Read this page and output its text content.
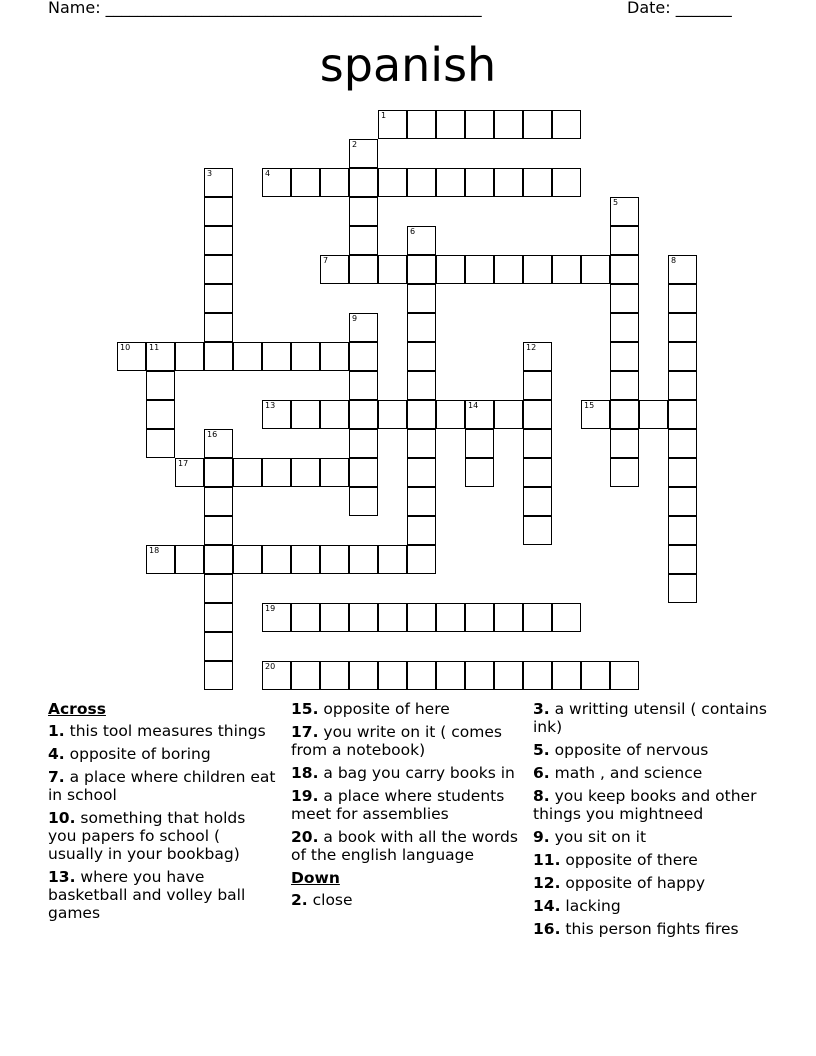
Name: _______________________________________________	Date: _______
spanish
1
4
7
10 11
13	14	15
17
18
19
20
2
3
5
6
8
9
12
16
Across
1. this tool measures things
4. opposite of boring
7. a place where children eat in school
10. something that holds you papers fo school ( usually in your bookbag)
13. where you have basketball and volley ball games
15. opposite of here
17. you write on it ( comes from a notebook)
18. a bag you carry books in
19. a place where students meet for assemblies
20. a book with all the words of the english language
Down
2. close
3. a writting utensil ( contains ink)
5. opposite of nervous
6. math , and science
8. you keep books and other things you mightneed
9. you sit on it
11. opposite of there
12. opposite of happy
14. lacking
16. this person fights fires
